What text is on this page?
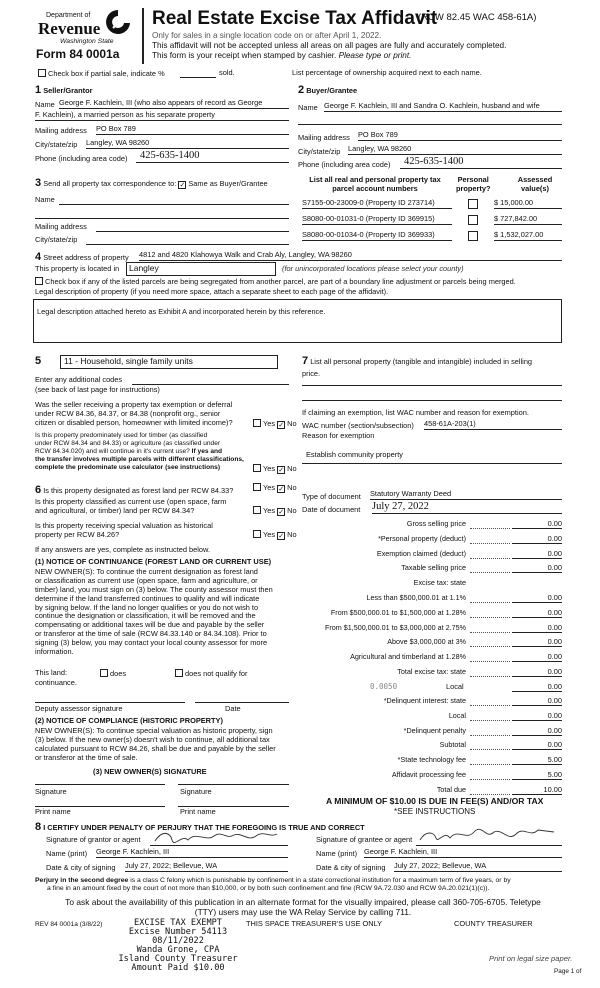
Department of
Revenue
Washington State
Form 84 0001a
Real Estate Excise Tax Affidavit
(RCW 82.45 WAC 458-61A)
Only for sales in a single location code on or after April 1, 2022.
This affidavit will not be accepted unless all areas on all pages are fully and accurately completed.
This form is your receipt when stamped by cashier. Please type or print.
Check box if partial sale, indicate %	sold.	List percentage of ownership acquired next to each name.
1 Seller/Grantor
Name George F. Kachlein, III (who also appears of record as George
F. Kachlein), a married person as his separate property
Mailing address PO Box 789
City/state/zip Langley, WA 98260
Phone (including area code)	425-635-1400
2 Buyer/Grantee
Name George F. Kachlein, III and Sandra O. Kachlein, husband and wife
Mailing address PO Box 789
City/state/zip Langley, WA 98260
Phone (including area code)	425-635-1400
3 Send all property tax correspondence to: ✓ Same as Buyer/Grantee
Name
Mailing address
City/state/zip
List all real and personal property tax
parcel account numbers
Personal
property?
Assessed
value(s)
S7155-00-23009-0 (Property ID 273714)	$ 15,000.00
S8080-00-01031-0 (Property ID 369915)	$ 727,842.00
S8080-00-01034-0 (Property ID 369933)	$ 1,532,027.00
4 Street address of property 4812 and 4820 Klahowya Walk and Crab Aly, Langley, WA 98260
This property is located in	Langley	(for unincorporated locations please select your county)
Check box if any of the listed parcels are being segregated from another parcel, are part of a boundary line adjustment or parcels being merged.
Legal description of property (if you need more space, attach a separate sheet to each page of the affidavit).
Legal description attached hereto as Exhibit A and incorporated herein by this reference.
5	11 - Household, single family units
Enter any additional codes
(see back of last page for instructions)
Was the seller receiving a property tax exemption or deferral
under RCW 84.36, 84.37, or 84.38 (nonprofit org., senior
citizen or disabled person, homeowner with limited income)?	Yes ✓ No
Is this property predominately used for timber (as classified
under RCW 84.34 and 84.33) or agriculture (as classified under
RCW 84.34.020) and will continue in it's current use? If yes and
the transfer involves multiple parcels with different classifications,
complete the predominate use calculator (see instructions)	Yes ✓ No
6 Is this property designated as forest land per RCW 84.33?	Yes ✓ No
Is this property classified as current use (open space, farm
and agricultural, or timber) land per RCW 84.34?	Yes ✓ No
Is this property receiving special valuation as historical
property per RCW 84.26?	Yes ✓ No
If any answers are yes, complete as instructed below.
(1) NOTICE OF CONTINUANCE (FOREST LAND OR CURRENT USE)
NEW OWNER(S): To continue the current designation as forest land
or classification as current use (open space, farm and agriculture, or
timber) land, you must sign on (3) below. The county assessor must then
determine if the land transferred continues to qualify and will indicate
by signing below. If the land no longer qualifies or you do not wish to
continue the designation or classification, it will be removed and the
compensating or additional taxes will be due and payable by the seller
or transferor at the time of sale (RCW 84.33.140 or 84.34.108). Prior to
signing (3) below, you may contact your local county assessor for more
information.
This land:	does	does not qualify for
continuance.
Deputy assessor signature	Date
(2) NOTICE OF COMPLIANCE (HISTORIC PROPERTY)
NEW OWNER(S): To continue special valuation as historic property, sign
(3) below. If the new owner(s) doesn't wish to continue, all additional tax
calculated pursuant to RCW 84.26, shall be due and payable by the seller
or transferor at the time of sale.
(3) NEW OWNER(S) SIGNATURE
Signature	Signature
Print name	Print name
7 List all personal property (tangible and intangible) included in selling
price.
If claiming an exemption, list WAC number and reason for exemption.
WAC number (section/subsection) 458-61A-203(1)
Reason for exemption
Establish community property
Type of document Statutory Warranty Deed
Date of document July 27, 2022
Gross selling price	0.00
*Personal property (deduct)	0.00
Exemption claimed (deduct)	0.00
Taxable selling price	0.00
Excise tax: state
Less than $500,000.01 at 1.1%	0.00
From $500,000.01 to $1,500,000 at 1.28%	0.00
From $1,500,000.01 to $3,000,000 at 2.75%	0.00
Above $3,000,000 at 3%	0.00
Agricultural and timberland at 1.28%	0.00
Total excise tax: state	0.00
0.0050	Local	0.00
*Delinquent interest: state	0.00
Local	0.00
*Delinquent penalty	0.00
Subtotal	0.00
*State technology fee	5.00
Affidavit processing fee	5.00
Total due	10.00
A MINIMUM OF $10.00 IS DUE IN FEE(S) AND/OR TAX
*SEE INSTRUCTIONS
8 I CERTIFY UNDER PENALTY OF PERJURY THAT THE FOREGOING IS TRUE AND CORRECT
Signature of grantor or agent
Name (print) George F. Kachlein, III
Date & city of signing July 27, 2022; Bellevue, WA
Signature of grantee or agent
Name (print) George F. Kachlein, III
Date & city of signing July 27, 2022; Bellevue, WA
Perjury in the second degree is a class C felony which is punishable by confinement in a state correctional institution for a maximum term of five years, or by
a fine in an amount fixed by the court of not more than $10,000, or by both such confinement and fine (RCW 9A.72.030 and RCW 9A.20.021(1)(c)).
To ask about the availability of this publication in an alternate format for the visually impaired, please call 360-705-6705. Teletype
(TTY) users may use the WA Relay Service by calling 711.
REV 84 0001a (3/8/22)	THIS SPACE TREASURER'S USE ONLY	COUNTY TREASURER
EXCISE TAX EXEMPT
Excise Number 54113
08/11/2022
Wanda Grone, CPA
Island County Treasurer
Amount Paid $10.00
Print on legal size paper.
Page 1 of
